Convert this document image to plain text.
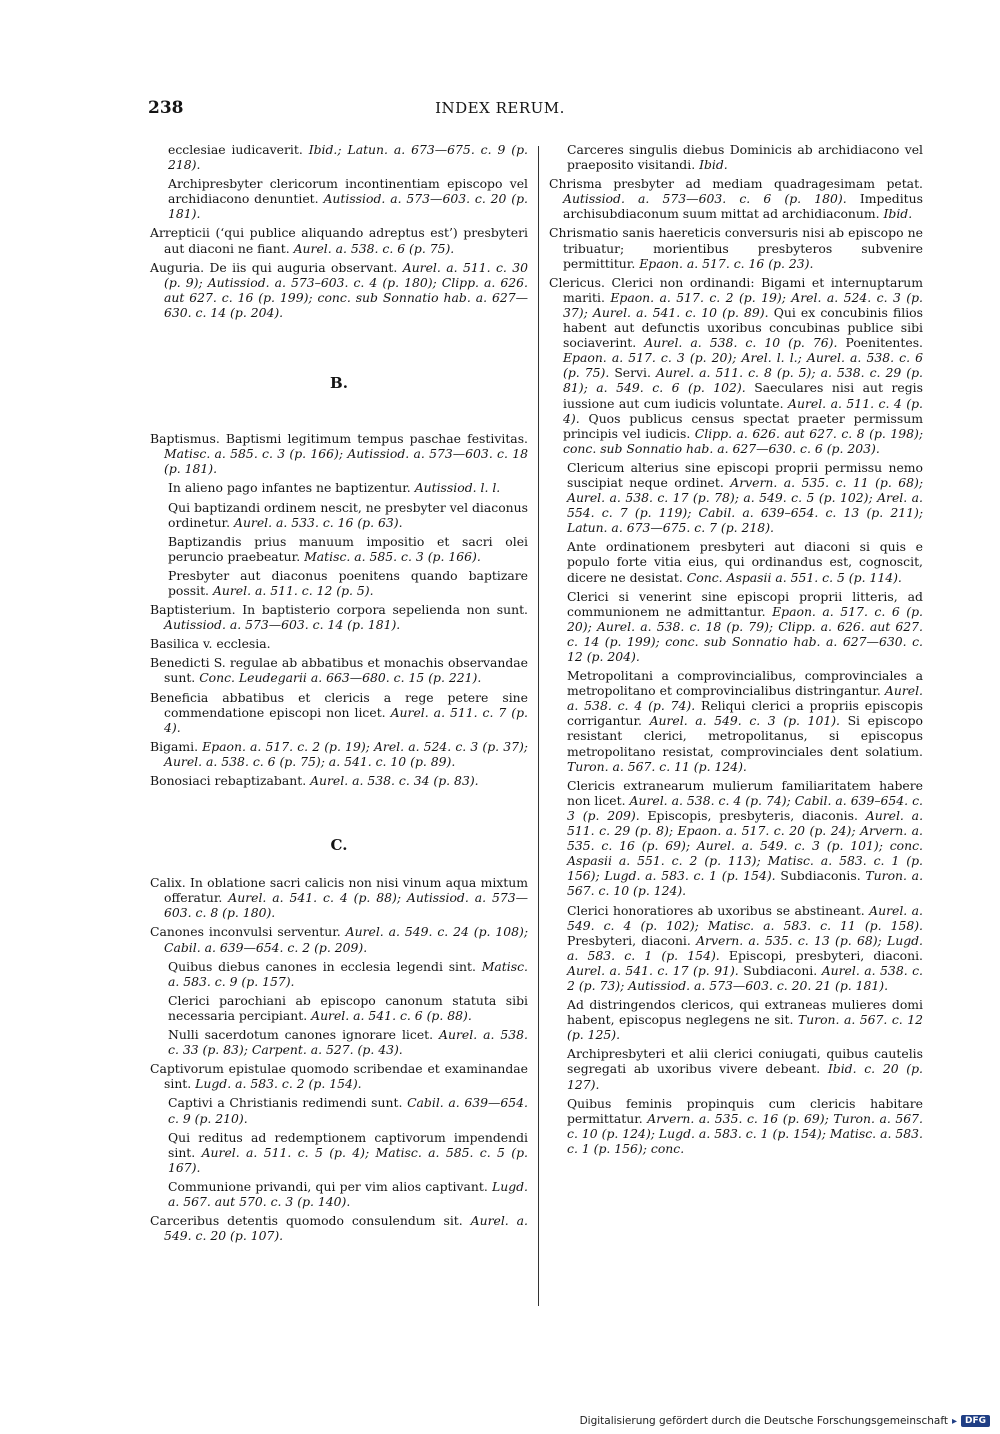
238	INDEX RERUM.

ecclesiae iudicaverit. Ibid.; Latun. a. 673—675. c. 9 (p. 218).

Archipresbyter clericorum incontinentiam episcopo vel archidiacono denuntiet. Autissiod. a. 573—603. c. 20 (p. 181).

Arrepticii (‘qui publice aliquando adreptus est’) presbyteri aut diaconi ne fiant. Aurel. a. 538. c. 6 (p. 75).

Auguria. De iis qui auguria observant. Aurel. a. 511. c. 30 (p. 9); Autissiod. a. 573–603. c. 4 (p. 180); Clipp. a. 626. aut 627. c. 16 (p. 199); conc. sub Sonnatio hab. a. 627—630. c. 14 (p. 204).

B.

Baptismus. Baptismi legitimum tempus paschae festivitas. Matisc. a. 585. c. 3 (p. 166); Autissiod. a. 573—603. c. 18 (p. 181).

In alieno pago infantes ne baptizentur. Autissiod. l. l.

Qui baptizandi ordinem nescit, ne presbyter vel diaconus ordinetur. Aurel. a. 533. c. 16 (p. 63).

Baptizandis prius manuum impositio et sacri olei peruncio praebeatur. Matisc. a. 585. c. 3 (p. 166).

Presbyter aut diaconus poenitens quando baptizare possit. Aurel. a. 511. c. 12 (p. 5).

Baptisterium. In baptisterio corpora sepelienda non sunt. Autissiod. a. 573—603. c. 14 (p. 181).

Basilica v. ecclesia.

Benedicti S. regulae ab abbatibus et monachis observandae sunt. Conc. Leudegarii a. 663—680. c. 15 (p. 221).

Beneficia abbatibus et clericis a rege petere sine commendatione episcopi non licet. Aurel. a. 511. c. 7 (p. 4).

Bigami. Epaon. a. 517. c. 2 (p. 19); Arel. a. 524. c. 3 (p. 37); Aurel. a. 538. c. 6 (p. 75); a. 541. c. 10 (p. 89).

Bonosiaci rebaptizabant. Aurel. a. 538. c. 34 (p. 83).

C.

Calix. In oblatione sacri calicis non nisi vinum aqua mixtum offeratur. Aurel. a. 541. c. 4 (p. 88); Autissiod. a. 573—603. c. 8 (p. 180).

Canones inconvulsi serventur. Aurel. a. 549. c. 24 (p. 108); Cabil. a. 639—654. c. 2 (p. 209).

Quibus diebus canones in ecclesia legendi sint. Matisc. a. 583. c. 9 (p. 157).

Clerici parochiani ab episcopo canonum statuta sibi necessaria percipiant. Aurel. a. 541. c. 6 (p. 88).

Nulli sacerdotum canones ignorare licet. Aurel. a. 538. c. 33 (p. 83); Carpent. a. 527. (p. 43).

Captivorum epistulae quomodo scribendae et examinandae sint. Lugd. a. 583. c. 2 (p. 154).

Captivi a Christianis redimendi sunt. Cabil. a. 639—654. c. 9 (p. 210).

Qui reditus ad redemptionem captivorum impendendi sint. Aurel. a. 511. c. 5 (p. 4); Matisc. a. 585. c. 5 (p. 167).

Communione privandi, qui per vim alios captivant. Lugd. a. 567. aut 570. c. 3 (p. 140).

Carceribus detentis quomodo consulendum sit. Aurel. a. 549. c. 20 (p. 107).

Carceres singulis diebus Dominicis ab archidiacono vel praeposito visitandi. Ibid.

Chrisma presbyter ad mediam quadragesimam petat. Autissiod. a. 573—603. c. 6 (p. 180). Impeditus archisubdiaconum suum mittat ad archidiaconum. Ibid.

Chrismatio sanis haereticis conversuris nisi ab episcopo ne tribuatur; morientibus presbyteros subvenire permittitur. Epaon. a. 517. c. 16 (p. 23).

Clericus. Clerici non ordinandi: Bigami et internuptarum mariti. Epaon. a. 517. c. 2 (p. 19); Arel. a. 524. c. 3 (p. 37); Aurel. a. 541. c. 10 (p. 89). Qui ex concubinis filios habent aut defunctis uxoribus concubinas publice sibi sociaverint. Aurel. a. 538. c. 10 (p. 76). Poenitentes. Epaon. a. 517. c. 3 (p. 20); Arel. l. l.; Aurel. a. 538. c. 6 (p. 75). Servi. Aurel. a. 511. c. 8 (p. 5); a. 538. c. 29 (p. 81); a. 549. c. 6 (p. 102). Saeculares nisi aut regis iussione aut cum iudicis voluntate. Aurel. a. 511. c. 4 (p. 4). Quos publicus census spectat praeter permissum principis vel iudicis. Clipp. a. 626. aut 627. c. 8 (p. 198); conc. sub Sonnatio hab. a. 627—630. c. 6 (p. 203).

Clericum alterius sine episcopi proprii permissu nemo suscipiat neque ordinet. Arvern. a. 535. c. 11 (p. 68); Aurel. a. 538. c. 17 (p. 78); a. 549. c. 5 (p. 102); Arel. a. 554. c. 7 (p. 119); Cabil. a. 639–654. c. 13 (p. 211); Latun. a. 673—675. c. 7 (p. 218).

Ante ordinationem presbyteri aut diaconi si quis e populo forte vitia eius, qui ordinandus est, cognoscit, dicere ne desistat. Conc. Aspasii a. 551. c. 5 (p. 114).

Clerici si venerint sine episcopi proprii litteris, ad communionem ne admittantur. Epaon. a. 517. c. 6 (p. 20); Aurel. a. 538. c. 18 (p. 79); Clipp. a. 626. aut 627. c. 14 (p. 199); conc. sub Sonnatio hab. a. 627—630. c. 12 (p. 204).

Metropolitani a comprovincialibus, comprovinciales a metropolitano et comprovincialibus distringantur. Aurel. a. 538. c. 4 (p. 74). Reliqui clerici a propriis episcopis corrigantur. Aurel. a. 549. c. 3 (p. 101). Si episcopo resistant clerici, metropolitanus, si episcopus metropolitano resistat, comprovinciales dent solatium. Turon. a. 567. c. 11 (p. 124).

Clericis extranearum mulierum familiaritatem habere non licet. Aurel. a. 538. c. 4 (p. 74); Cabil. a. 639–654. c. 3 (p. 209). Episcopis, presbyteris, diaconis. Aurel. a. 511. c. 29 (p. 8); Epaon. a. 517. c. 20 (p. 24); Arvern. a. 535. c. 16 (p. 69); Aurel. a. 549. c. 3 (p. 101); conc. Aspasii a. 551. c. 2 (p. 113); Matisc. a. 583. c. 1 (p. 156); Lugd. a. 583. c. 1 (p. 154). Subdiaconis. Turon. a. 567. c. 10 (p. 124).

Clerici honoratiores ab uxoribus se abstineant. Aurel. a. 549. c. 4 (p. 102); Matisc. a. 583. c. 11 (p. 158). Presbyteri, diaconi. Arvern. a. 535. c. 13 (p. 68); Lugd. a. 583. c. 1 (p. 154). Episcopi, presbyteri, diaconi. Aurel. a. 541. c. 17 (p. 91). Subdiaconi. Aurel. a. 538. c. 2 (p. 73); Autissiod. a. 573—603. c. 20. 21 (p. 181).

Ad distringendos clericos, qui extraneas mulieres domi habent, episcopus neglegens ne sit. Turon. a. 567. c. 12 (p. 125).

Archipresbyteri et alii clerici coniugati, quibus cautelis segregati ab uxoribus vivere debeant. Ibid. c. 20 (p. 127).

Quibus feminis propinquis cum clericis habitare permittatur. Arvern. a. 535. c. 16 (p. 69); Turon. a. 567. c. 10 (p. 124); Lugd. a. 583. c. 1 (p. 154); Matisc. a. 583. c. 1 (p. 156); conc.

Digitalisierung gefördert durch die Deutsche Forschungsgemeinschaft ▸ DFG
